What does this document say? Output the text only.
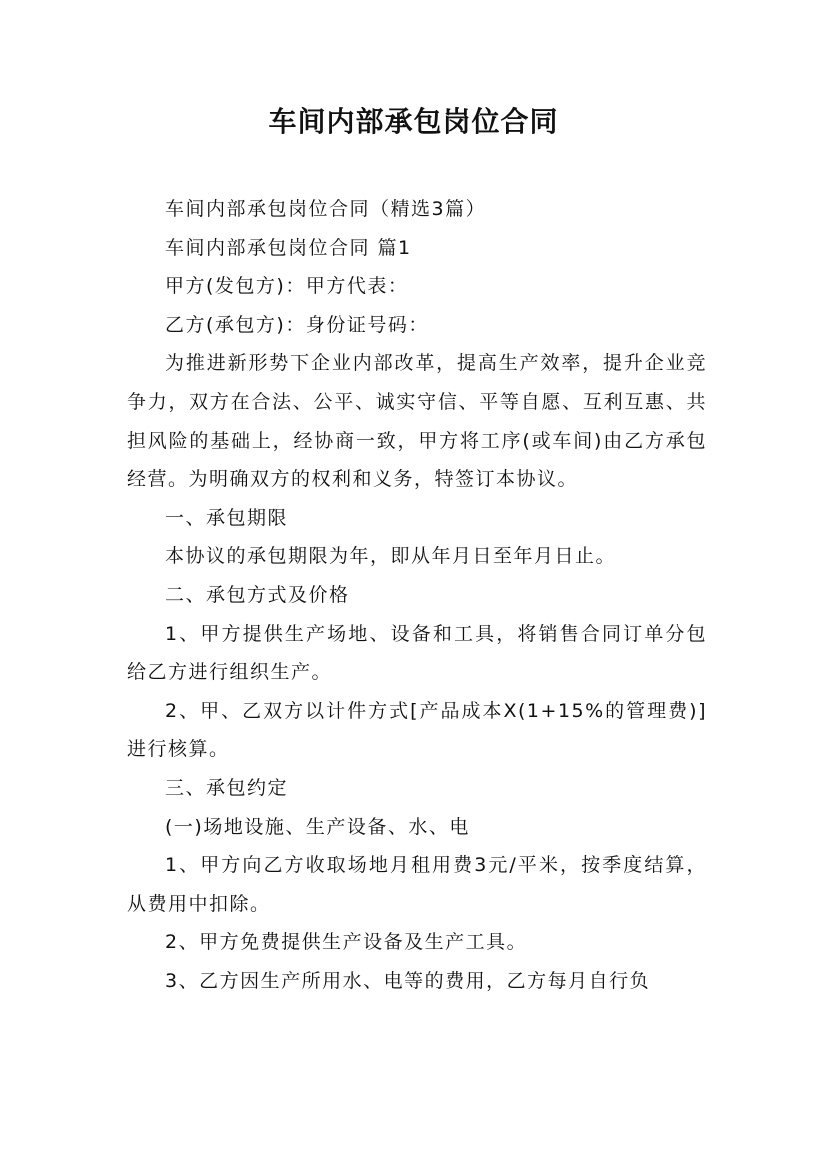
车间内部承包岗位合同

车间内部承包岗位合同（精选3篇）

车间内部承包岗位合同 篇1

甲方(发包方)：甲方代表：

乙方(承包方)：身份证号码：

为推进新形势下企业内部改革，提高生产效率，提升企业竞争力，双方在合法、公平、诚实守信、平等自愿、互利互惠、共担风险的基础上，经协商一致，甲方将工序(或车间)由乙方承包经营。为明确双方的权利和义务，特签订本协议。

一、承包期限

本协议的承包期限为年，即从年月日至年月日止。

二、承包方式及价格

1、甲方提供生产场地、设备和工具，将销售合同订单分包给乙方进行组织生产。

2、甲、乙双方以计件方式[产品成本X(1+15%的管理费)]进行核算。

三、承包约定

(一)场地设施、生产设备、水、电

1、甲方向乙方收取场地月租用费3元/平米，按季度结算，从费用中扣除。

2、甲方免费提供生产设备及生产工具。

3、乙方因生产所用水、电等的费用，乙方每月自行负
